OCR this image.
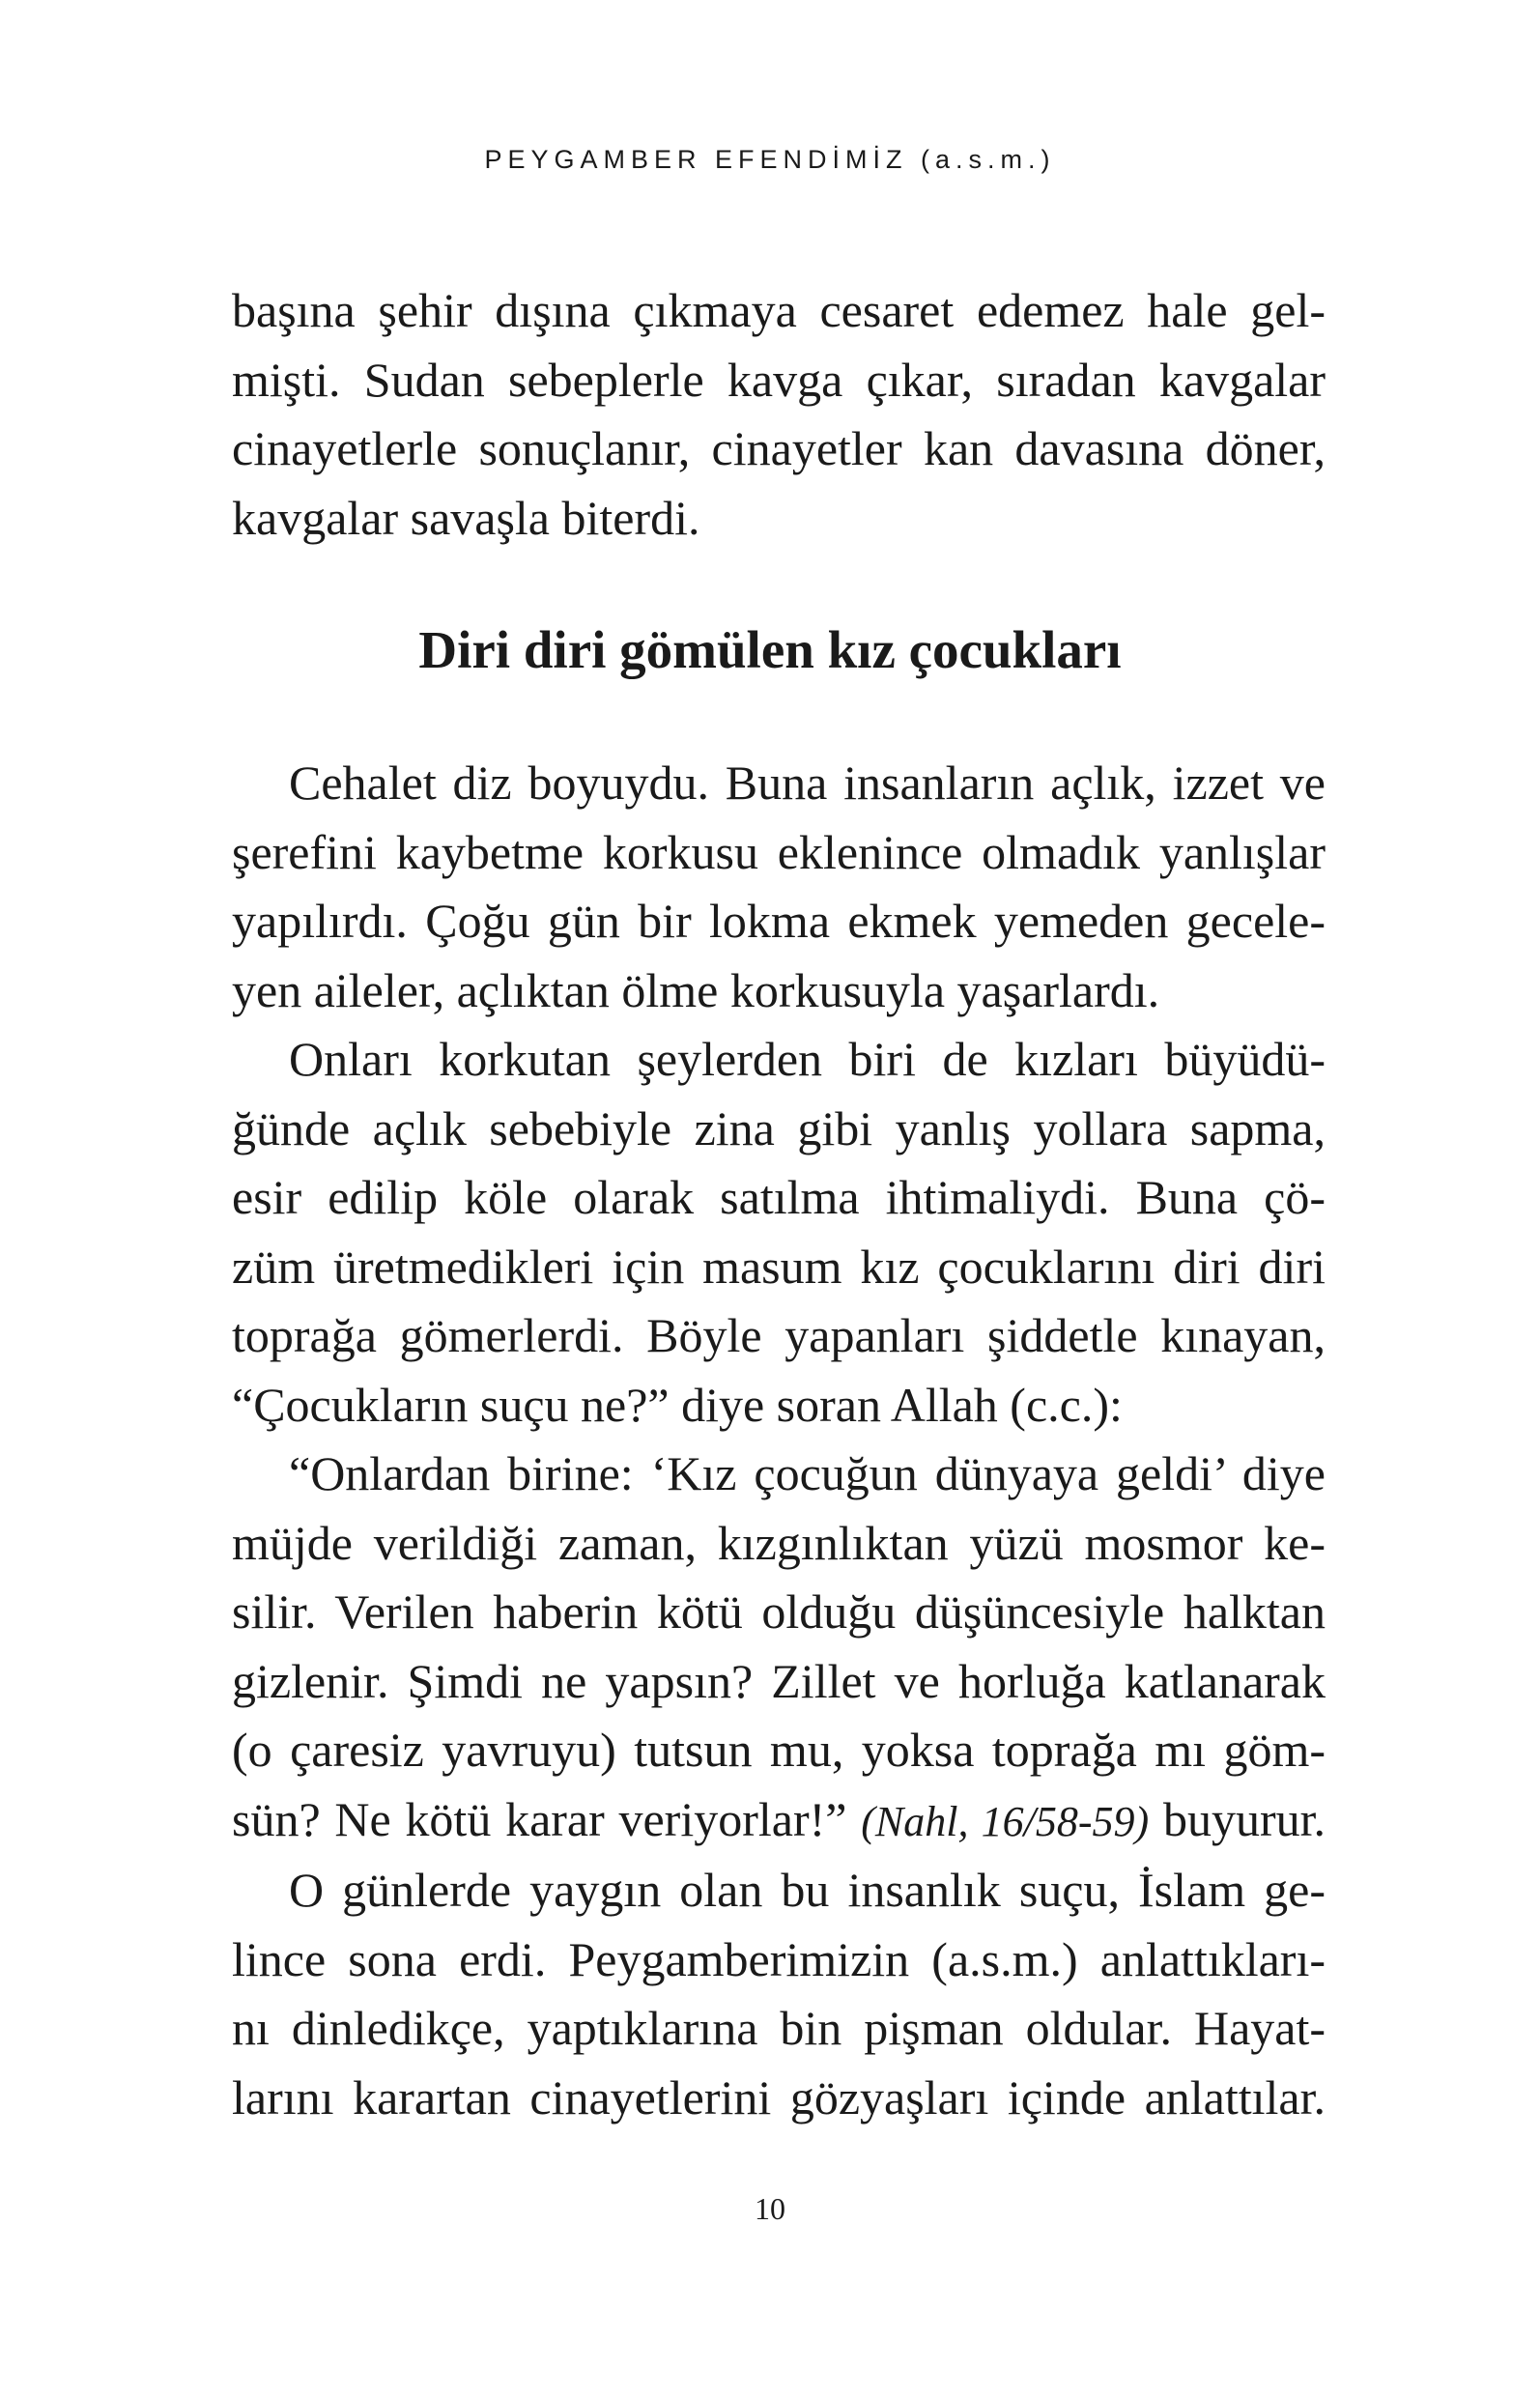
PEYGAMBER EFENDİMİZ (a.s.m.)
başına şehir dışına çıkmaya cesaret edemez hale gel-
mişti. Sudan sebeplerle kavga çıkar, sıradan kavgalar
cinayetlerle sonuçlanır, cinayetler kan davasına döner,
kavgalar savaşla biterdi.
Diri diri gömülen kız çocukları
Cehalet diz boyuydu. Buna insanların açlık, izzet ve
şerefini kaybetme korkusu eklenince olmadık yanlışlar
yapılırdı. Çoğu gün bir lokma ekmek yemeden gecele-
yen aileler, açlıktan ölme korkusuyla yaşarlardı.
Onları korkutan şeylerden biri de kızları büyüdü-
ğünde açlık sebebiyle zina gibi yanlış yollara sapma,
esir edilip köle olarak satılma ihtimaliydi. Buna çö-
züm üretmedikleri için masum kız çocuklarını diri diri
toprağa gömerlerdi. Böyle yapanları şiddetle kınayan,
“Çocukların suçu ne?” diye soran Allah (c.c.):
“Onlardan birine: ‘Kız çocuğun dünyaya geldi’ diye
müjde verildiği zaman, kızgınlıktan yüzü mosmor ke-
silir. Verilen haberin kötü olduğu düşüncesiyle halktan
gizlenir. Şimdi ne yapsın? Zillet ve horluğa katlanarak
(o çaresiz yavruyu) tutsun mu, yoksa toprağa mı göm-
sün? Ne kötü karar veriyorlar!” (Nahl, 16/58-59) buyurur.
O günlerde yaygın olan bu insanlık suçu, İslam ge-
lince sona erdi. Peygamberimizin (a.s.m.) anlattıkları-
nı dinledikçe, yaptıklarına bin pişman oldular. Hayat-
larını karartan cinayetlerini gözyaşları içinde anlattılar.
10
